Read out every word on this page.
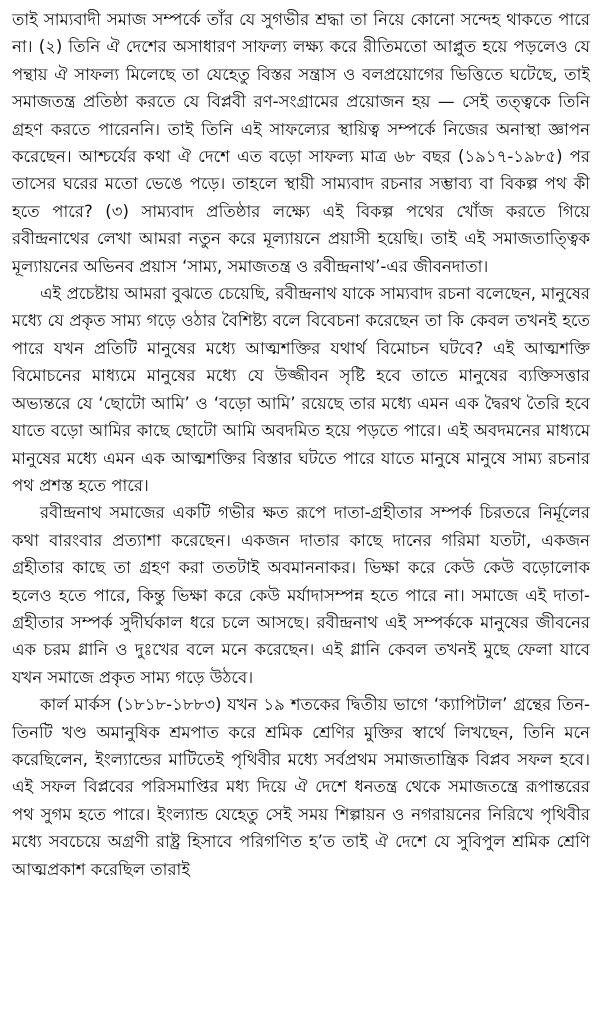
তাই সাম্যবাদী সমাজ সম্পর্কে তাঁর যে সুগভীর শ্রদ্ধা তা নিয়ে কোনো সন্দেহ থাকতে পারে না। (২) তিনি ঐ দেশের অসাধারণ সাফল্য লক্ষ্য করে রীতিমতো আপ্লুত হয়ে পড়লেও যে পন্থায় ঐ সাফল্য মিলেছে তা যেহেতু বিস্তর সন্ত্রাস ও বলপ্রয়োগের ভিত্তিতে ঘটেছে, তাই সমাজতন্ত্র প্রতিষ্ঠা করতে যে বিপ্লবী রণ-সংগ্রামের প্রয়োজন হয় — সেই তত্ত্বকে তিনি গ্রহণ করতে পারেননি। তাই তিনি এই সাফল্যের স্থায়িত্ব সম্পর্কে নিজের অনাস্থা জ্ঞাপন করেছেন। আশ্চর্যের কথা ঐ দেশে এত বড়ো সাফল্য মাত্র ৬৮ বছর (১৯১৭-১৯৮৫) পর তাসের ঘরের মতো ভেঙে পড়ে। তাহলে স্থায়ী সাম্যবাদ রচনার সম্ভাব্য বা বিকল্প পথ কী হতে পারে? (৩) সাম্যবাদ প্রতিষ্ঠার লক্ষ্যে এই বিকল্প পথের খোঁজ করতে গিয়ে রবীন্দ্রনাথের লেখা আমরা নতুন করে মূল্যায়নে প্রয়াসী হয়েছি। তাই এই সমাজতাত্ত্বিক মূল্যায়নের অভিনব প্রয়াস ‘সাম্য, সমাজতন্ত্র ও রবীন্দ্রনাথ’-এর জীবনদাতা।

এই প্রচেষ্টায় আমরা বুঝতে চেয়েছি, রবীন্দ্রনাথ যাকে সাম্যবাদ রচনা বলেছেন, মানুষের মধ্যে যে প্রকৃত সাম্য গড়ে ওঠার বৈশিষ্ট্য বলে বিবেচনা করেছেন তা কি কেবল তখনই হতে পারে যখন প্রতিটি মানুষের মধ্যে আত্মশক্তির যথার্থ বিমোচন ঘটবে? এই আত্মশক্তি বিমোচনের মাধ্যমে মানুষের মধ্যে যে উজ্জীবন সৃষ্টি হবে তাতে মানুষের ব্যক্তিসত্তার অভ্যন্তরে যে ‘ছোটো আমি’ ও ‘বড়ো আমি’ রয়েছে তার মধ্যে এমন এক দ্বৈরথ তৈরি হবে যাতে বড়ো আমির কাছে ছোটো আমি অবদমিত হয়ে পড়তে পারে। এই অবদমনের মাধ্যমে মানুষের মধ্যে এমন এক আত্মশক্তির বিস্তার ঘটতে পারে যাতে মানুষে মানুষে সাম্য রচনার পথ প্রশস্ত হতে পারে।

রবীন্দ্রনাথ সমাজের একটি গভীর ক্ষত রূপে দাতা-গ্রহীতার সম্পর্ক চিরতরে নির্মূলের কথা বারংবার প্রত্যাশা করেছেন। একজন দাতার কাছে দানের গরিমা যতটা, একজন গ্রহীতার কাছে তা গ্রহণ করা ততটাই অবমাননাকর। ভিক্ষা করে কেউ কেউ বড়োলোক হলেও হতে পারে, কিন্তু ভিক্ষা করে কেউ মর্যাদাসম্পন্ন হতে পারে না। সমাজে এই দাতা-গ্রহীতার সম্পর্ক সুদীর্ঘকাল ধরে চলে আসছে। রবীন্দ্রনাথ এই সম্পর্ককে মানুষের জীবনের এক চরম গ্লানি ও দুঃখের বলে মনে করেছেন। এই গ্লানি কেবল তখনই মুছে ফেলা যাবে যখন সমাজে প্রকৃত সাম্য গড়ে উঠবে।

কার্ল মার্কস (১৮১৮-১৮৮৩) যখন ১৯ শতকের দ্বিতীয় ভাগে ‘ক্যাপিটাল’ গ্রন্থের তিন-তিনটি খণ্ড অমানুষিক শ্রমপাত করে শ্রমিক শ্রেণির মুক্তির স্বার্থে লিখছেন, তিনি মনে করেছিলেন, ইংল্যান্ডের মাটিতেই পৃথিবীর মধ্যে সর্বপ্রথম সমাজতান্ত্রিক বিপ্লব সফল হবে। এই সফল বিপ্লবের পরিসমাপ্তির মধ্য দিয়ে ঐ দেশে ধনতন্ত্র থেকে সমাজতন্ত্রে রূপান্তরের পথ সুগম হতে পারে। ইংল্যান্ড যেহেতু সেই সময় শিল্পায়ন ও নগরায়নের নিরিখে পৃথিবীর মধ্যে সবচেয়ে অগ্রণী রাষ্ট্র হিসাবে পরিগণিত হ’ত তাই ঐ দেশে যে সুবিপুল শ্রমিক শ্রেণি আত্মপ্রকাশ করেছিল তারাই
